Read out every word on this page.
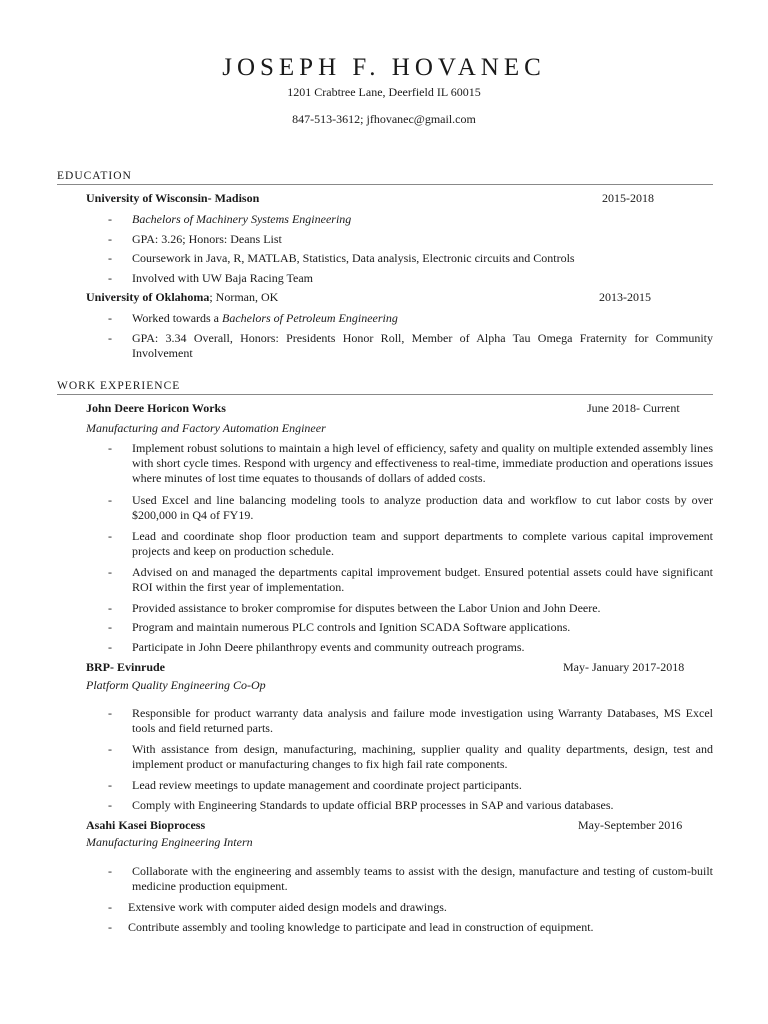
JOSEPH F. HOVANEC
1201 Crabtree Lane, Deerfield IL 60015
847-513-3612; jfhovanec@gmail.com
EDUCATION
University of Wisconsin- Madison	2015-2018
- Bachelors of Machinery Systems Engineering
- GPA: 3.26; Honors: Deans List
- Coursework in Java, R, MATLAB, Statistics, Data analysis, Electronic circuits and Controls
- Involved with UW Baja Racing Team
University of Oklahoma; Norman, OK	2013-2015
- Worked towards a Bachelors of Petroleum Engineering
- GPA: 3.34 Overall, Honors: Presidents Honor Roll, Member of Alpha Tau Omega Fraternity for Community Involvement
WORK EXPERIENCE
John Deere Horicon Works	June 2018- Current
Manufacturing and Factory Automation Engineer
- Implement robust solutions to maintain a high level of efficiency, safety and quality on multiple extended assembly lines with short cycle times. Respond with urgency and effectiveness to real-time, immediate production and operations issues where minutes of lost time equates to thousands of dollars of added costs.
- Used Excel and line balancing modeling tools to analyze production data and workflow to cut labor costs by over $200,000 in Q4 of FY19.
- Lead and coordinate shop floor production team and support departments to complete various capital improvement projects and keep on production schedule.
- Advised on and managed the departments capital improvement budget. Ensured potential assets could have significant ROI within the first year of implementation.
- Provided assistance to broker compromise for disputes between the Labor Union and John Deere.
- Program and maintain numerous PLC controls and Ignition SCADA Software applications.
- Participate in John Deere philanthropy events and community outreach programs.
BRP- Evinrude	May- January 2017-2018
Platform Quality Engineering Co-Op
- Responsible for product warranty data analysis and failure mode investigation using Warranty Databases, MS Excel tools and field returned parts.
- With assistance from design, manufacturing, machining, supplier quality and quality departments, design, test and implement product or manufacturing changes to fix high fail rate components.
- Lead review meetings to update management and coordinate project participants.
- Comply with Engineering Standards to update official BRP processes in SAP and various databases.
Asahi Kasei Bioprocess	May-September 2016
Manufacturing Engineering Intern
- Collaborate with the engineering and assembly teams to assist with the design, manufacture and testing of custom-built medicine production equipment.
- Extensive work with computer aided design models and drawings.
- Contribute assembly and tooling knowledge to participate and lead in construction of equipment.
